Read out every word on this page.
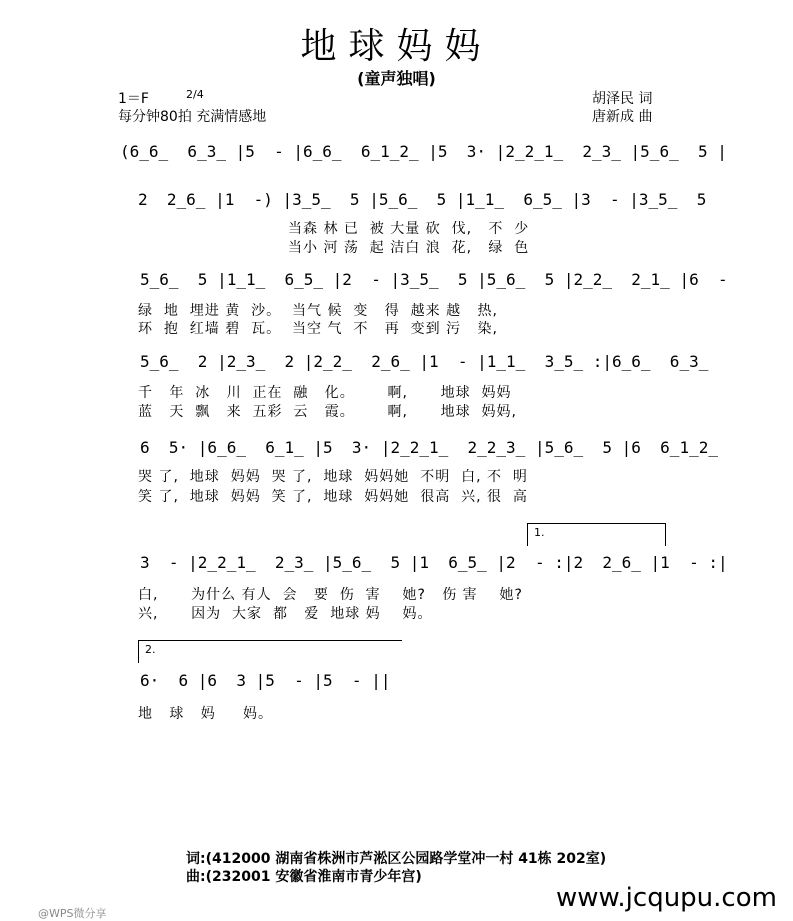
地球妈妈
(童声独唱)
1＝F	2/4
每分钟80拍 充满情感地
胡泽民 词
唐新成 曲
(6̲6̲  6̲3̲ |5  - |6̲6̲  6̲1̲2̲ |5  3· |2̲2̲1̲  2̲3̲ |5̲6̲  5 |
2  2̲6̲ |1  -) |3̲5̲  5 |5̲6̲  5 |1̲1̲  6̲5̲ |3  - |3̲5̲  5
当森 林 已  被 大量 砍  伐,   不  少
当小 河 荡  起 洁白 浪  花,   绿  色
5̲6̲  5 |1̲1̲  6̲5̲ |2  - |3̲5̲  5 |5̲6̲  5 |2̲2̲  2̲1̲ |6  -
绿  地  埋进 黄  沙。  当气 候  变   得  越来 越   热,
环  抱  红墙 碧  瓦。  当空 气  不   再  变到 污   染,
5̲6̲  2 |2̲3̲  2 |2̲2̲  2̲6̲ |1  - |1̲1̲  3̲5̲ :|6̲6̲  6̲3̲
千   年  冰   川  正在  融   化。      啊,      地球  妈妈
蓝   天  飘   来  五彩  云   霞。      啊,      地球  妈妈,
6  5· |6̲6̲  6̲1̲ |5  3· |2̲2̲1̲  2̲2̲3̲ |5̲6̲  5 |6  6̲1̲2̲
哭 了,  地球  妈妈  哭 了,  地球  妈妈她  不明  白, 不  明
笑 了,  地球  妈妈  笑 了,  地球  妈妈她  很高  兴, 很  高

1.

3  - |2̲2̲1̲  2̲3̲ |5̲6̲  5 |1  6̲5̲ |2  - :|2  2̲6̲ |1  - :|
白,      为什么 有人  会   要  伤  害    她?   伤 害    她?
兴,      因为  大家  都   爱  地球 妈    妈。

2.

6·  6 |6  3 |5  - |5  - ||
地   球   妈     妈。
词:(412000 湖南省株洲市芦淞区公园路学堂冲一村 41栋 202室)
曲:(232001 安徽省淮南市青少年宫)
@WPS微分享
www.jcqupu.com
